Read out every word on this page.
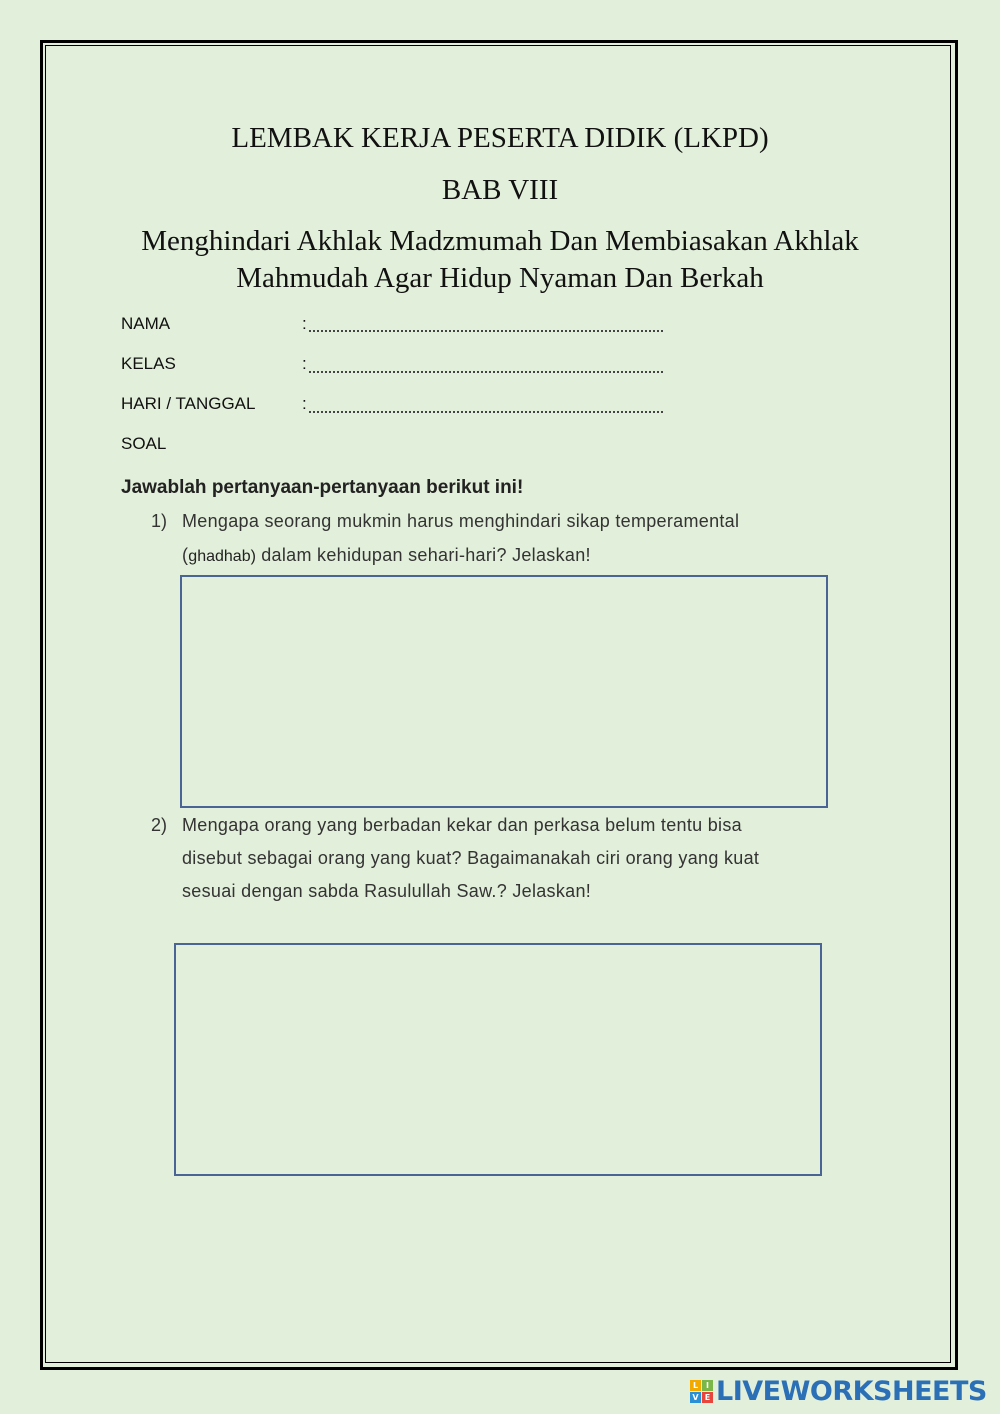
LEMBAK KERJA PESERTA DIDIK (LKPD)
BAB VIII
Menghindari Akhlak Madzmumah Dan Membiasakan Akhlak
Mahmudah Agar Hidup Nyaman Dan Berkah
NAMA	:
KELAS	:
HARI / TANGGAL	:
SOAL
Jawablah pertanyaan-pertanyaan berikut ini!
1) Mengapa seorang mukmin harus menghindari sikap temperamental
(ghadhab) dalam kehidupan sehari-hari? Jelaskan!
2) Mengapa orang yang berbadan kekar dan perkasa belum tentu bisa
disebut sebagai orang yang kuat? Bagaimanakah ciri orang yang kuat
sesuai dengan sabda Rasulullah Saw.? Jelaskan!
L I
V E LIVEWORKSHEETS
